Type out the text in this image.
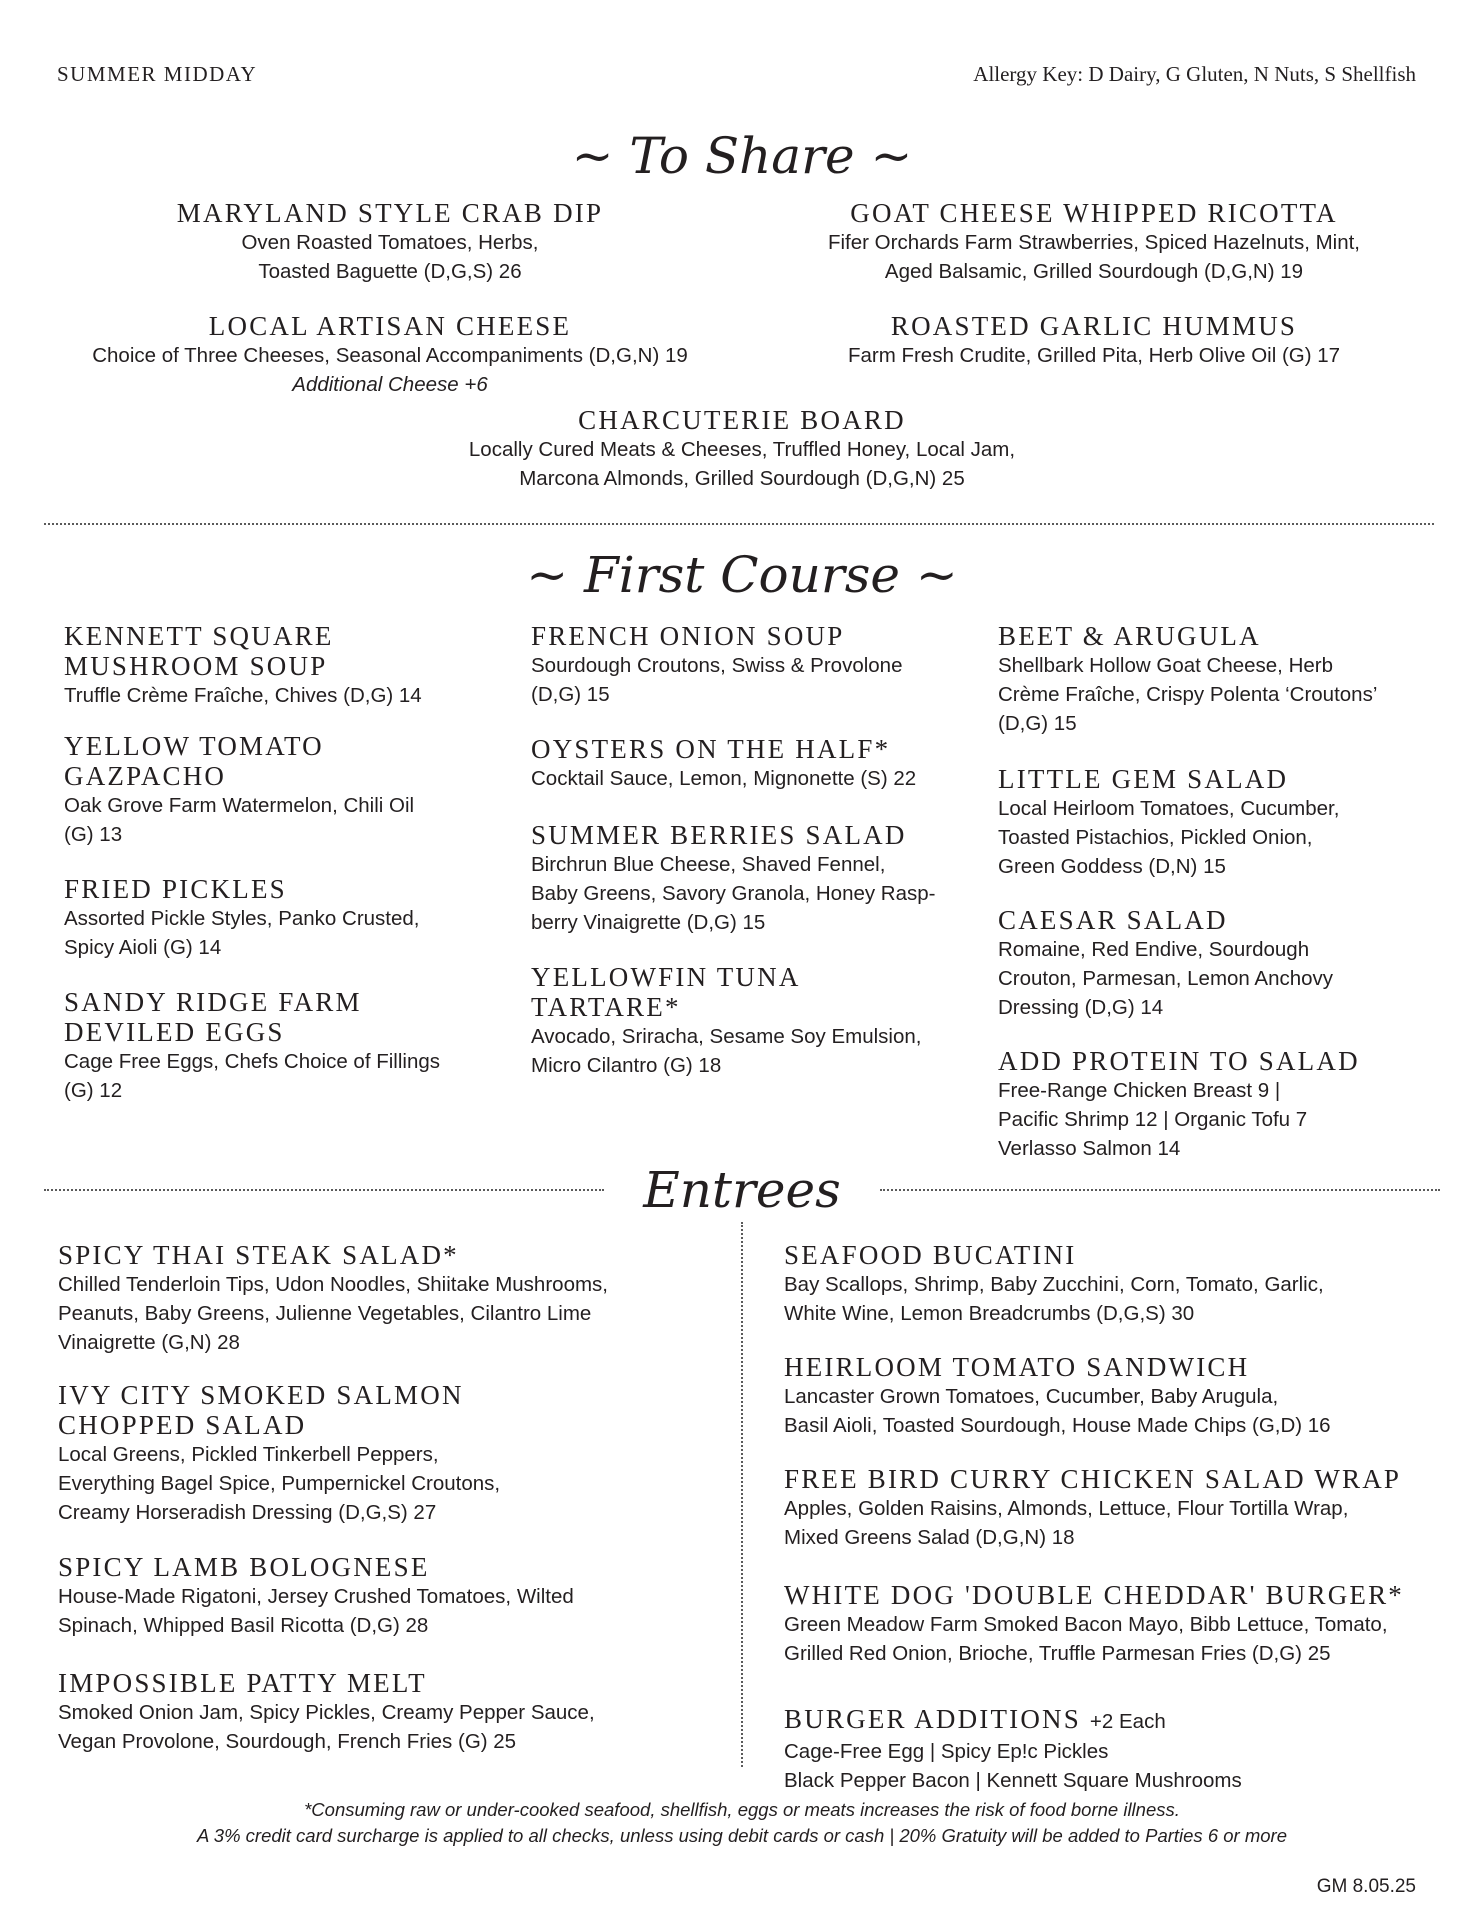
SUMMER MIDDAY	Allergy Key: D Dairy, G Gluten, N Nuts, S Shellfish
~ To Share ~
MARYLAND STYLE CRAB DIP
Oven Roasted Tomatoes, Herbs,
Toasted Baguette (D,G,S) 26
GOAT CHEESE WHIPPED RICOTTA
Fifer Orchards Farm Strawberries, Spiced Hazelnuts, Mint,
Aged Balsamic, Grilled Sourdough (D,G,N) 19
LOCAL ARTISAN CHEESE
Choice of Three Cheeses, Seasonal Accompaniments (D,G,N) 19
Additional Cheese +6
ROASTED GARLIC HUMMUS
Farm Fresh Crudite, Grilled Pita, Herb Olive Oil (G) 17
CHARCUTERIE BOARD
Locally Cured Meats & Cheeses, Truffled Honey, Local Jam,
Marcona Almonds, Grilled Sourdough (D,G,N) 25
~ First Course ~
KENNETT SQUARE
MUSHROOM SOUP
Truffle Crème Fraîche, Chives (D,G) 14
YELLOW TOMATO
GAZPACHO
Oak Grove Farm Watermelon, Chili Oil
(G) 13
FRIED PICKLES
Assorted Pickle Styles, Panko Crusted,
Spicy Aioli (G) 14
SANDY RIDGE FARM
DEVILED EGGS
Cage Free Eggs, Chefs Choice of Fillings
(G) 12
FRENCH ONION SOUP
Sourdough Croutons, Swiss & Provolone
(D,G) 15
OYSTERS ON THE HALF*
Cocktail Sauce, Lemon, Mignonette (S) 22
SUMMER BERRIES SALAD
Birchrun Blue Cheese, Shaved Fennel,
Baby Greens, Savory Granola, Honey Rasp-
berry Vinaigrette (D,G) 15
YELLOWFIN TUNA
TARTARE*
Avocado, Sriracha, Sesame Soy Emulsion,
Micro Cilantro (G) 18
BEET & ARUGULA
Shellbark Hollow Goat Cheese, Herb
Crème Fraîche, Crispy Polenta ‘Croutons’
(D,G) 15
LITTLE GEM SALAD
Local Heirloom Tomatoes, Cucumber,
Toasted Pistachios, Pickled Onion,
Green Goddess (D,N) 15
CAESAR SALAD
Romaine, Red Endive, Sourdough
Crouton, Parmesan, Lemon Anchovy
Dressing (D,G) 14
ADD PROTEIN TO SALAD
Free-Range Chicken Breast 9 |
Pacific Shrimp 12 | Organic Tofu 7
Verlasso Salmon 14
Entrees
SPICY THAI STEAK SALAD*
Chilled Tenderloin Tips, Udon Noodles, Shiitake Mushrooms,
Peanuts, Baby Greens, Julienne Vegetables, Cilantro Lime
Vinaigrette (G,N) 28
IVY CITY SMOKED SALMON
CHOPPED SALAD
Local Greens, Pickled Tinkerbell Peppers,
Everything Bagel Spice, Pumpernickel Croutons,
Creamy Horseradish Dressing (D,G,S) 27
SPICY LAMB BOLOGNESE
House-Made Rigatoni, Jersey Crushed Tomatoes, Wilted
Spinach, Whipped Basil Ricotta (D,G) 28
IMPOSSIBLE PATTY MELT
Smoked Onion Jam, Spicy Pickles, Creamy Pepper Sauce,
Vegan Provolone, Sourdough, French Fries (G) 25
SEAFOOD BUCATINI
Bay Scallops, Shrimp, Baby Zucchini, Corn, Tomato, Garlic,
White Wine, Lemon Breadcrumbs (D,G,S) 30
HEIRLOOM TOMATO SANDWICH
Lancaster Grown Tomatoes, Cucumber, Baby Arugula,
Basil Aioli, Toasted Sourdough, House Made Chips (G,D) 16
FREE BIRD CURRY CHICKEN SALAD WRAP
Apples, Golden Raisins, Almonds, Lettuce, Flour Tortilla Wrap,
Mixed Greens Salad (D,G,N) 18
WHITE DOG 'DOUBLE CHEDDAR' BURGER*
Green Meadow Farm Smoked Bacon Mayo, Bibb Lettuce, Tomato,
Grilled Red Onion, Brioche, Truffle Parmesan Fries (D,G) 25
BURGER ADDITIONS +2 Each
Cage-Free Egg | Spicy Ep!c Pickles
Black Pepper Bacon | Kennett Square Mushrooms
*Consuming raw or under-cooked seafood, shellfish, eggs or meats increases the risk of food borne illness.
A 3% credit card surcharge is applied to all checks, unless using debit cards or cash | 20% Gratuity will be added to Parties 6 or more
GM 8.05.25
